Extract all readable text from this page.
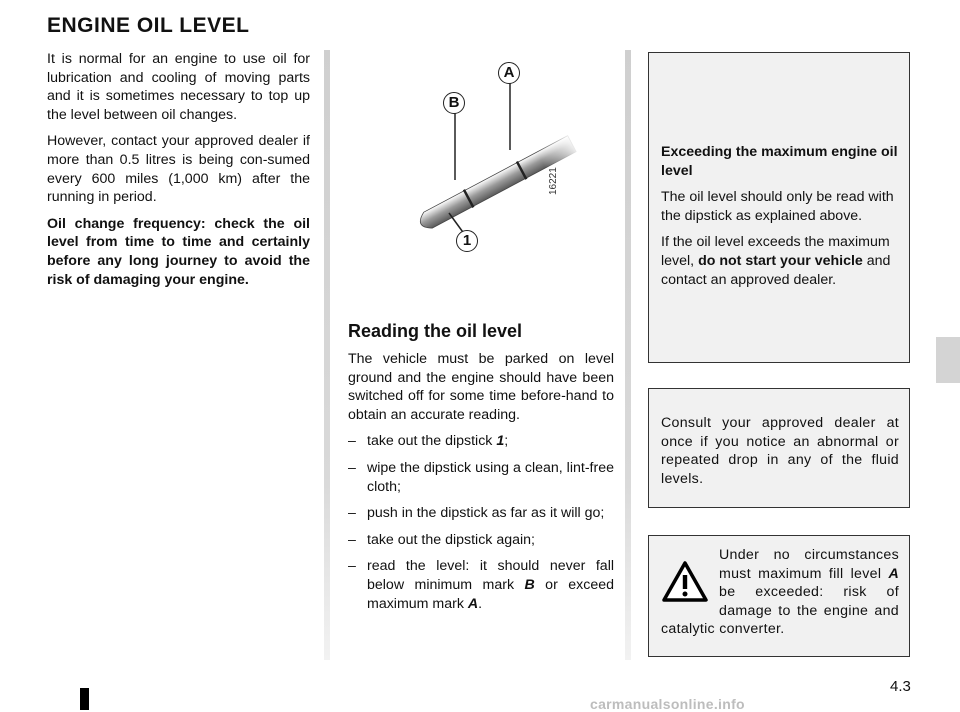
ENGINE OIL LEVEL

It is normal for an engine to use oil for lubrication and cooling of moving parts and it is sometimes necessary to top up the level between oil changes.

However, contact your approved dealer if more than 0.5 litres is being con-sumed every 600 miles (1,000 km) after the running in period.

Oil change frequency: check the oil level from time to time and certainly before any long journey to avoid the risk of damaging your engine.

A
B
1
16221
Reading the oil level

The vehicle must be parked on level ground and the engine should have been switched off for some time before-hand to obtain an accurate reading.

– take out the dipstick 1;
– wipe the dipstick using a clean, lint-free cloth;
– push in the dipstick as far as it will go;
– take out the dipstick again;
– read the level: it should never fall below minimum mark B or exceed maximum mark A.

Exceeding the maximum engine oil level

The oil level should only be read with the dipstick as explained above.

If the oil level exceeds the maximum level, do not start your vehicle and contact an approved dealer.

Consult your approved dealer at once if you notice an abnormal or repeated drop in any of the fluid levels.
Under no circumstances must maximum fill level A be exceeded: risk of damage to the engine and catalytic converter.
4.3
carmanualsonline.info
